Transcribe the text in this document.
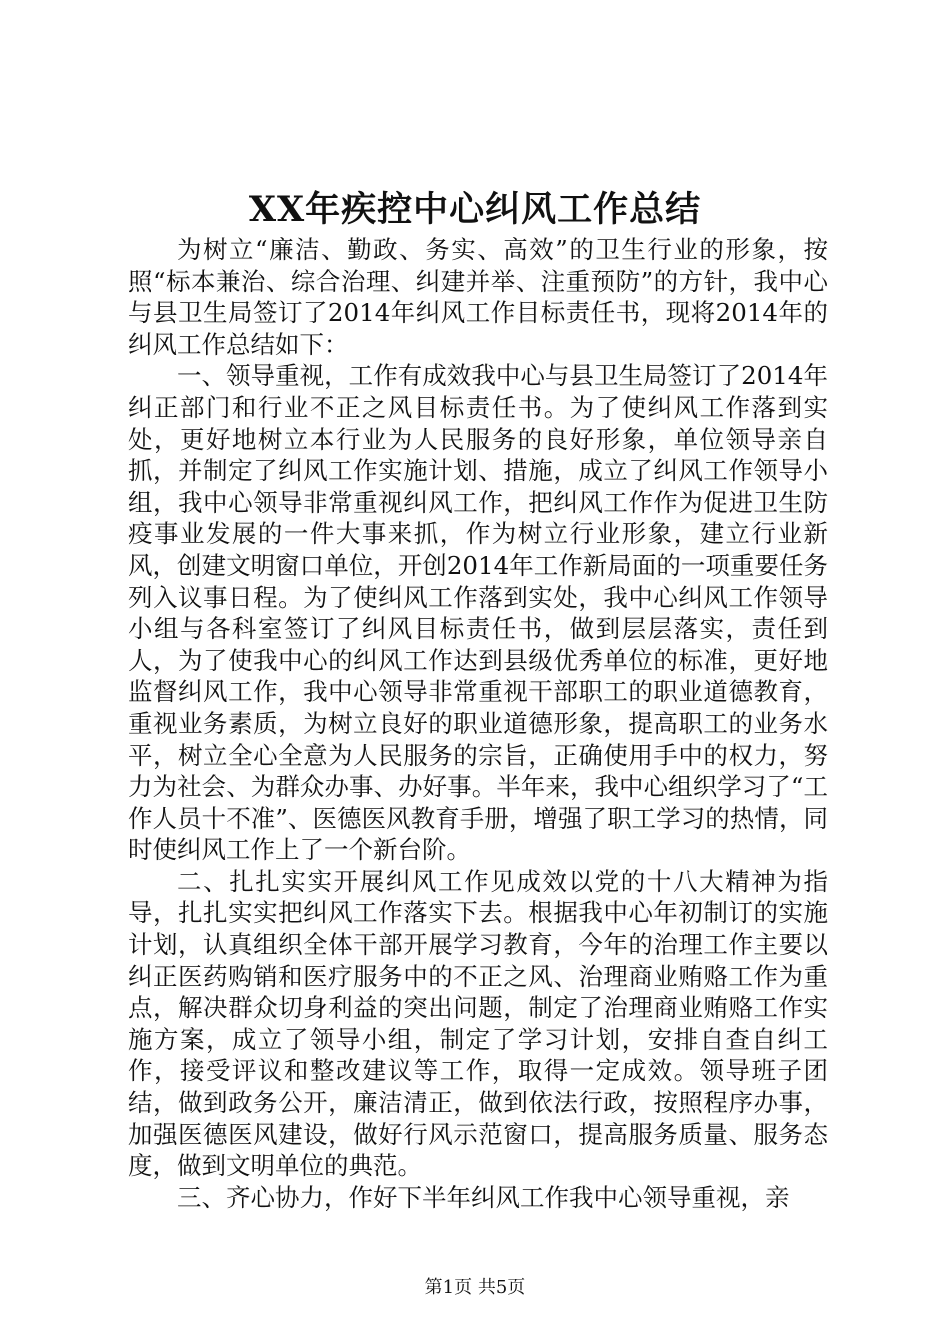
XX年疾控中心纠风工作总结

为树立“廉洁、勤政、务实、高效”的卫生行业的形象，按照“标本兼治、综合治理、纠建并举、注重预防”的方针，我中心与县卫生局签订了2014年纠风工作目标责任书，现将2014年的纠风工作总结如下：

一、领导重视，工作有成效我中心与县卫生局签订了2014年纠正部门和行业不正之风目标责任书。为了使纠风工作落到实处，更好地树立本行业为人民服务的良好形象，单位领导亲自抓，并制定了纠风工作实施计划、措施，成立了纠风工作领导小组，我中心领导非常重视纠风工作，把纠风工作作为促进卫生防疫事业发展的一件大事来抓，作为树立行业形象，建立行业新风，创建文明窗口单位，开创2014年工作新局面的一项重要任务列入议事日程。为了使纠风工作落到实处，我中心纠风工作领导小组与各科室签订了纠风目标责任书，做到层层落实，责任到人，为了使我中心的纠风工作达到县级优秀单位的标准，更好地监督纠风工作，我中心领导非常重视干部职工的职业道德教育，重视业务素质，为树立良好的职业道德形象，提高职工的业务水平，树立全心全意为人民服务的宗旨，正确使用手中的权力，努力为社会、为群众办事、办好事。半年来，我中心组织学习了“工作人员十不准”、医德医风教育手册，增强了职工学习的热情，同时使纠风工作上了一个新台阶。

二、扎扎实实开展纠风工作见成效以党的十八大精神为指导，扎扎实实把纠风工作落实下去。根据我中心年初制订的实施计划，认真组织全体干部开展学习教育，今年的治理工作主要以纠正医药购销和医疗服务中的不正之风、治理商业贿赂工作为重点，解决群众切身利益的突出问题，制定了治理商业贿赂工作实施方案，成立了领导小组，制定了学习计划，安排自查自纠工作，接受评议和整改建议等工作，取得一定成效。领导班子团结，做到政务公开，廉洁清正，做到依法行政，按照程序办事，加强医德医风建设，做好行风示范窗口，提高服务质量、服务态度，做到文明单位的典范。

三、齐心协力，作好下半年纠风工作我中心领导重视，亲

第1页 共5页
